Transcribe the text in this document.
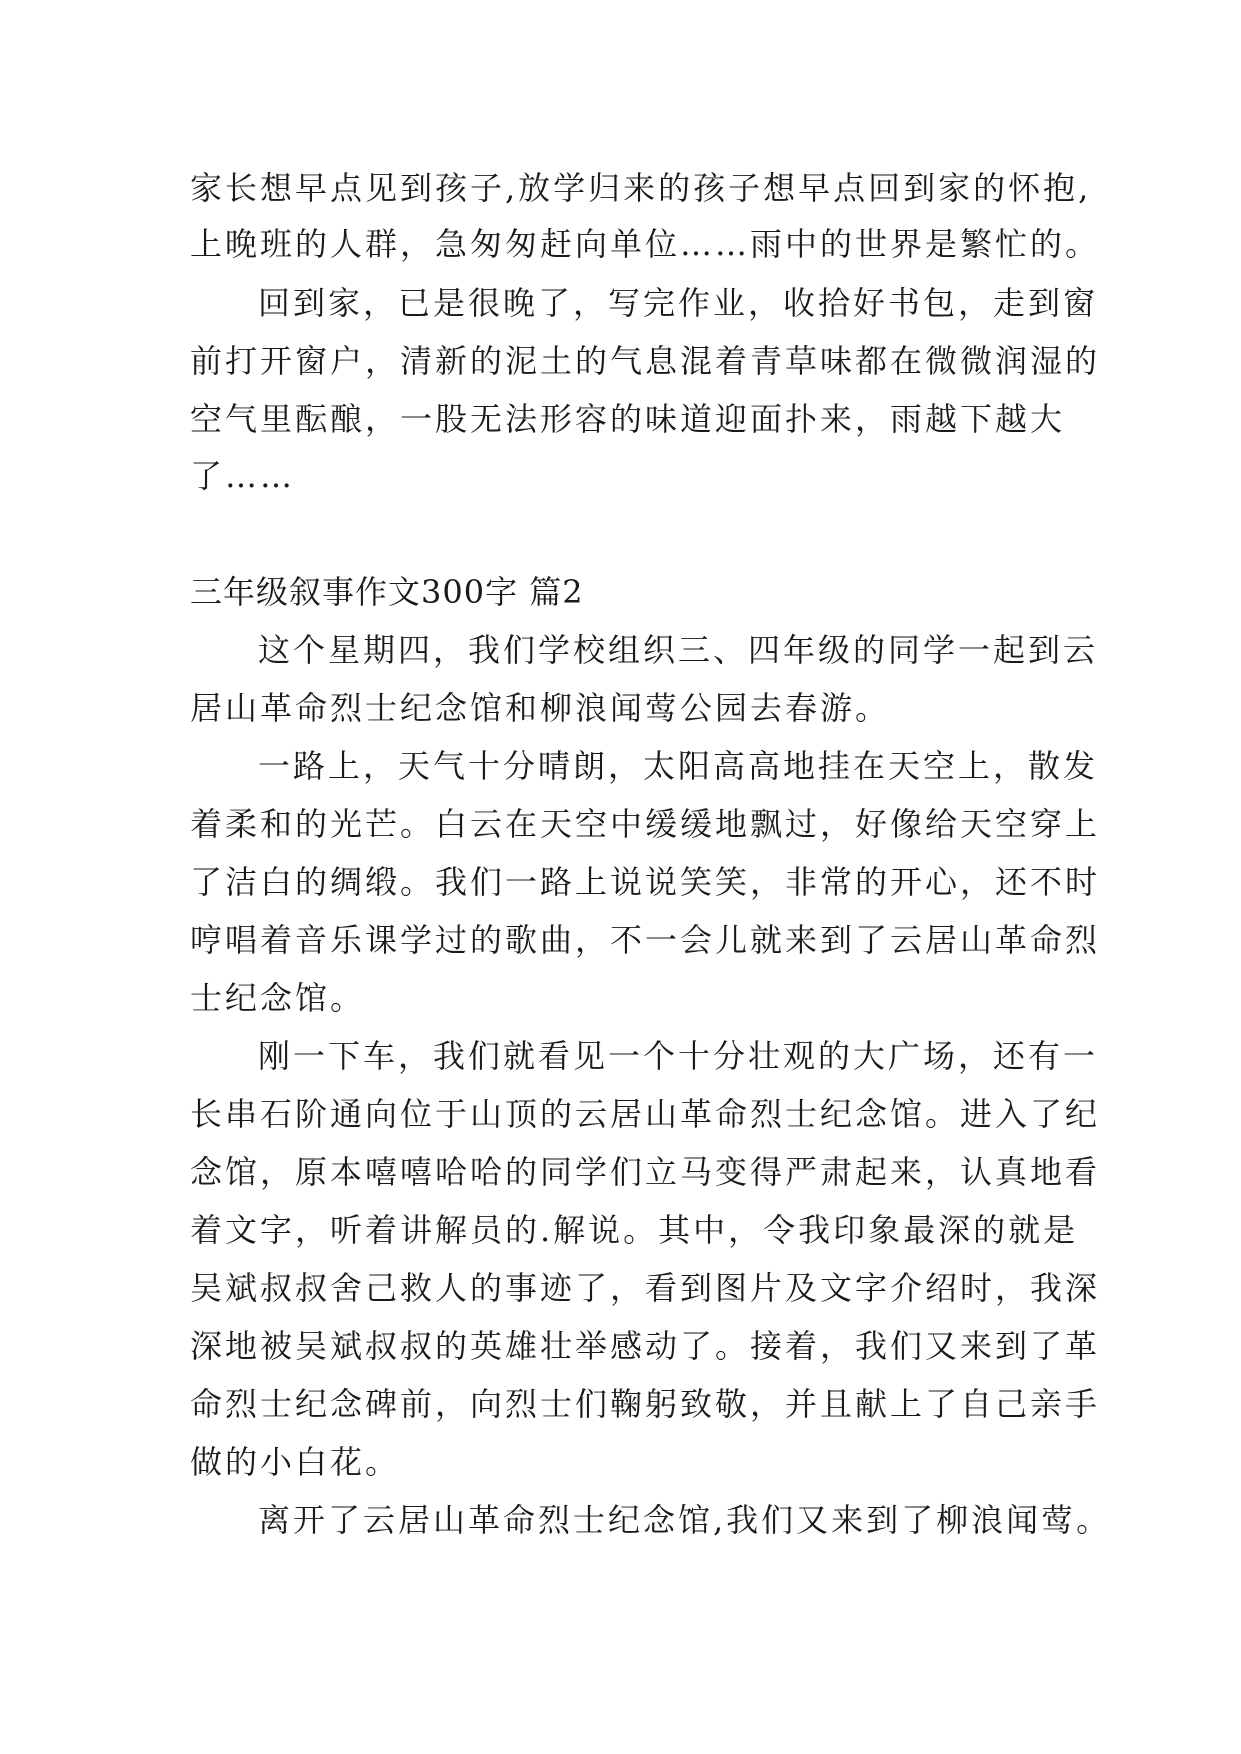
家长想早点见到孩子,放学归来的孩子想早点回到家的怀抱,
上晚班的人群，急匆匆赶向单位……雨中的世界是繁忙的。
回到家，已是很晚了，写完作业，收拾好书包，走到窗
前打开窗户，清新的泥土的气息混着青草味都在微微润湿的
空气里酝酿，一股无法形容的味道迎面扑来，雨越下越大
了……
三年级叙事作文300字 篇2
这个星期四，我们学校组织三、四年级的同学一起到云
居山革命烈士纪念馆和柳浪闻莺公园去春游。
一路上，天气十分晴朗，太阳高高地挂在天空上，散发
着柔和的光芒。白云在天空中缓缓地飘过，好像给天空穿上
了洁白的绸缎。我们一路上说说笑笑，非常的开心，还不时
哼唱着音乐课学过的歌曲，不一会儿就来到了云居山革命烈
士纪念馆。
刚一下车，我们就看见一个十分壮观的大广场，还有一
长串石阶通向位于山顶的云居山革命烈士纪念馆。进入了纪
念馆，原本嘻嘻哈哈的同学们立马变得严肃起来，认真地看
着文字，听着讲解员的.解说。其中，令我印象最深的就是
吴斌叔叔舍己救人的事迹了，看到图片及文字介绍时，我深
深地被吴斌叔叔的英雄壮举感动了。接着，我们又来到了革
命烈士纪念碑前，向烈士们鞠躬致敬，并且献上了自己亲手
做的小白花。
离开了云居山革命烈士纪念馆,我们又来到了柳浪闻莺。
